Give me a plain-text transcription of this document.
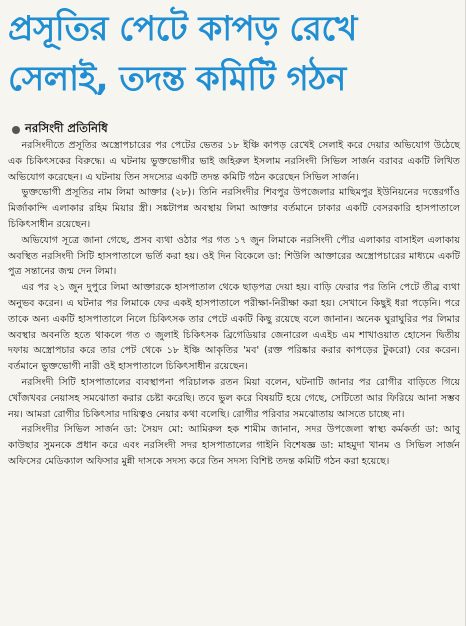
প্রসূতির পেটে কাপড় রেখে
সেলাই, তদন্ত কমিটি গঠন
নরসিংদী প্রতিনিধি

নরসিংদীতে প্রসূতির অস্ত্রোপচারের পর পেটের ভেতর ১৮ ইঞ্চি কাপড় রেখেই সেলাই করে দেয়ার অভিযোগ উঠেছে এক চিকিৎসকের বিরুদ্ধে। এ ঘটনায় ভুক্তভোগীর ভাই জহিরুল ইসলাম নরসিংদী সিভিল সার্জন বরাবর একটি লিখিত অভিযোগ করেছেন। এ ঘটনায় তিন সদস্যের একটি তদন্ত কমিটি গঠন করেছেন সিভিল সার্জন।

ভুক্তভোগী প্রসূতির নাম লিমা আক্তার (২৮)। তিনি নরসিংদীর শিবপুর উপজেলার মাছিমপুর ইউনিয়নের দত্তেরগাঁও মির্জাকান্দি এলাকার রহিম মিয়ার স্ত্রী। সঙ্কটাপন্ন অবস্থায় লিমা আক্তার বর্তমানে ঢাকার একটি বেসরকারি হাসপাতালে চিকিৎসাধীন রয়েছেন।

অভিযোগ সূত্রে জানা গেছে, প্রসব ব্যথা ওঠার পর গত ১৭ জুন লিমাকে নরসিংদী পৌর এলাকার বাসাইল এলাকায় অবস্থিত নরসিংদী সিটি হাসপাতালে ভর্তি করা হয়। ওই দিন বিকেলে ডা: শিউলি আক্তারের অস্ত্রোপচারের মাধ্যমে একটি পুত্র সন্তানের জন্ম দেন লিমা।

এর পর ২১ জুন দুপুরে লিমা আক্তারকে হাসপাতাল থেকে ছাড়পত্র দেয়া হয়। বাড়ি ফেরার পর তিনি পেটে তীব্র ব্যথা অনুভব করেন। এ ঘটনার পর লিমাকে ফের একই হাসপাতালে পরীক্ষা-নিরীক্ষা করা হয়। সেখানে কিছুই ধরা পড়েনি। পরে তাকে অন্য একটি হাসপাতালে নিলে চিকিৎসক তার পেটে একটি কিছু রয়েছে বলে জানান। অনেক ঘুরাঘুরির পর লিমার অবস্থার অবনতি হতে থাকলে গত ৩ জুলাই চিকিৎসক ব্রিগেডিয়ার জেনারেল এএইচ এম শাখাওয়াত হোসেন দ্বিতীয় দফায় অস্ত্রোপচার করে তার পেট থেকে ১৮ ইঞ্চি আকৃতির 'মব' (রক্ত পরিষ্কার করার কাপড়ের টুকরো) বের করেন। বর্তমানে ভুক্তভোগী নারী ওই হাসপাতালে চিকিৎসাধীন রয়েছেন।

নরসিংদী সিটি হাসপাতালের ব্যবস্থাপনা পরিচালক রতন মিয়া বলেন, ঘটনাটি জানার পর রোগীর বাড়িতে গিয়ে খোঁজখবর নেয়াসহ সমঝোতা করার চেষ্টা করেছি। তবে ভুল করে বিষয়টি হয়ে গেছে, সেটিতো আর ফিরিয়ে আনা সম্ভব নয়। আমরা রোগীর চিকিৎসার দায়িত্বও নেয়ার কথা বলেছি। রোগীর পরিবার সমঝোতায় আসতে চাচ্ছে না।

নরসিংদীর সিভিল সার্জন ডা: সৈয়দ মো: আমিরুল হক শামীম জানান, সদর উপজেলা স্বাস্থ্য কর্মকর্তা ডা: আবু কাউছার সুমনকে প্রধান করে এবং নরসিংদী সদর হাসপাতালের গাইনি বিশেষজ্ঞ ডা: মাহমুদা খানম ও সিভিল সার্জন অফিসের মেডিক্যাল অফিসার মুন্নী দাসকে সদস্য করে তিন সদস্য বিশিষ্ট তদন্ত কমিটি গঠন করা হয়েছে।
